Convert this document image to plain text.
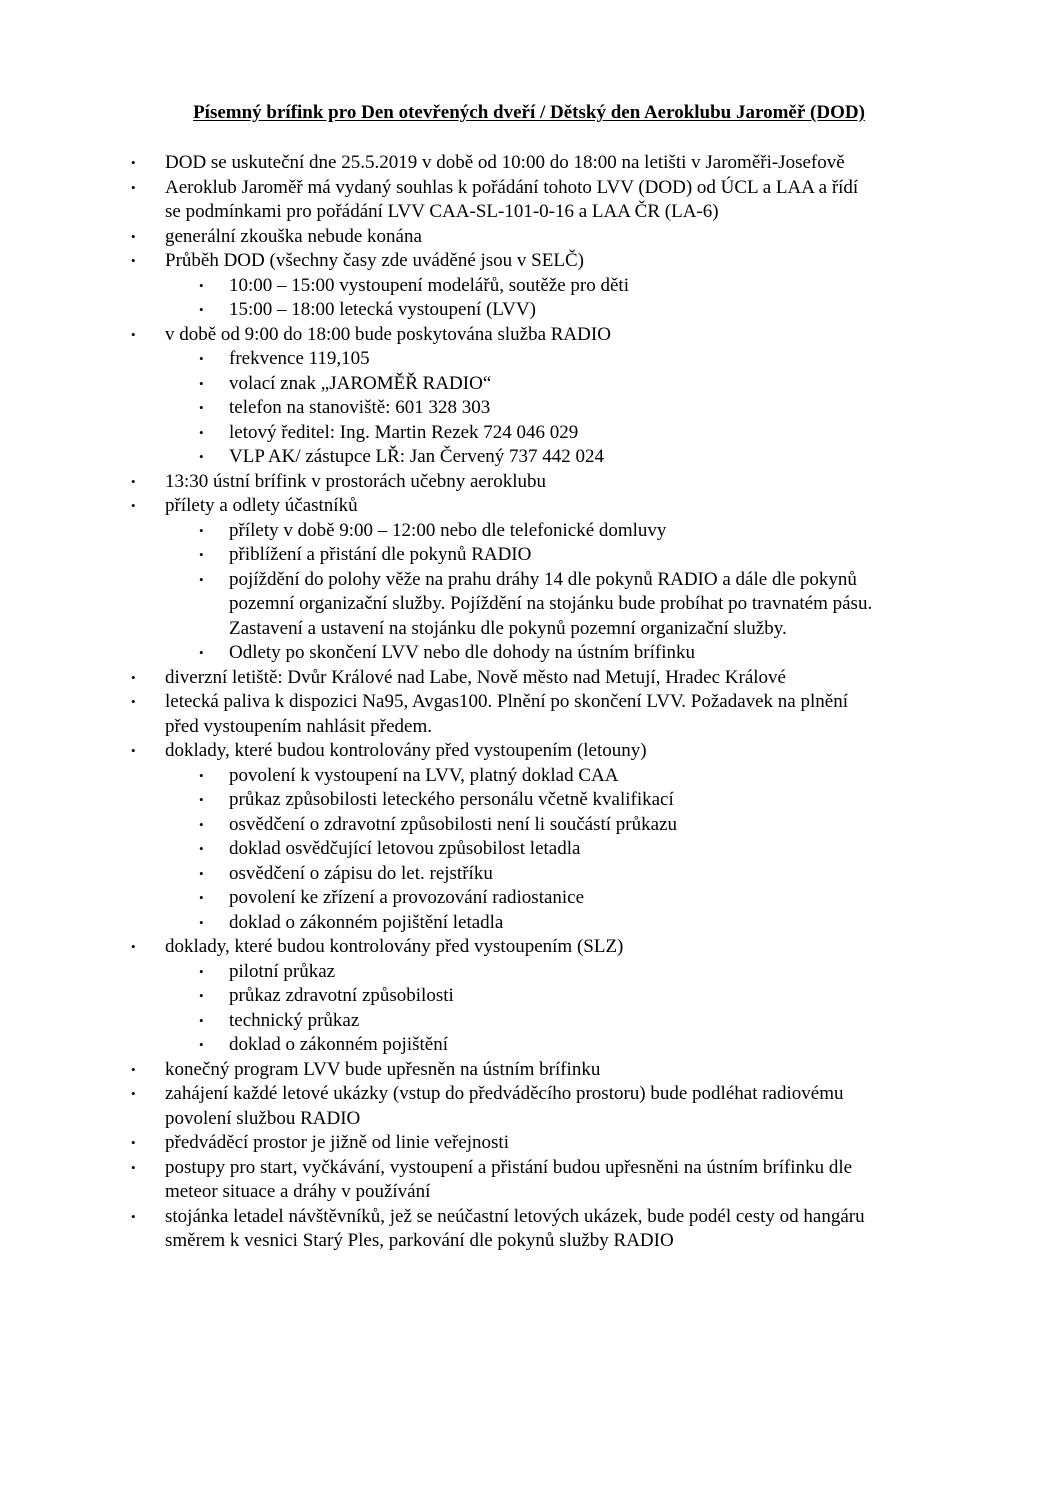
Písemný brífink pro Den otevřených dveří / Dětský den Aeroklubu Jaroměř (DOD)
• DOD se uskuteční dne 25.5.2019 v době od 10:00 do 18:00 na letišti v Jaroměři-Josefově
• Aeroklub Jaroměř má vydaný souhlas k pořádání tohoto LVV (DOD) od ÚCL a LAA a řídí
se podmínkami pro pořádání LVV CAA-SL-101-0-16 a LAA ČR (LA-6)
• generální zkouška nebude konána
• Průběh DOD (všechny časy zde uváděné jsou v SELČ)
• 10:00 – 15:00 vystoupení modelářů, soutěže pro děti
• 15:00 – 18:00 letecká vystoupení (LVV)
• v době od 9:00 do 18:00 bude poskytována služba RADIO
• frekvence 119,105
• volací znak „JAROMĚŘ RADIO“
• telefon na stanoviště: 601 328 303
• letový ředitel: Ing. Martin Rezek 724 046 029
• VLP AK/ zástupce LŘ: Jan Červený 737 442 024
• 13:30 ústní brífink v prostorách učebny aeroklubu
• přílety a odlety účastníků
• přílety v době 9:00 – 12:00 nebo dle telefonické domluvy
• přiblížení a přistání dle pokynů RADIO
• pojíždění do polohy věže na prahu dráhy 14 dle pokynů RADIO a dále dle pokynů
pozemní organizační služby. Pojíždění na stojánku bude probíhat po travnatém pásu.
Zastavení a ustavení na stojánku dle pokynů pozemní organizační služby.
• Odlety po skončení LVV nebo dle dohody na ústním brífinku
• diverzní letiště: Dvůr Králové nad Labe, Nově město nad Metují, Hradec Králové
• letecká paliva k dispozici Na95, Avgas100. Plnění po skončení LVV. Požadavek na plnění
před vystoupením nahlásit předem.
• doklady, které budou kontrolovány před vystoupením (letouny)
• povolení k vystoupení na LVV, platný doklad CAA
• průkaz způsobilosti leteckého personálu včetně kvalifikací
• osvědčení o zdravotní způsobilosti není li součástí průkazu
• doklad osvědčující letovou způsobilost letadla
• osvědčení o zápisu do let. rejstříku
• povolení ke zřízení a provozování radiostanice
• doklad o zákonném pojištění letadla
• doklady, které budou kontrolovány před vystoupením (SLZ)
• pilotní průkaz
• průkaz zdravotní způsobilosti
• technický průkaz
• doklad o zákonném pojištění
• konečný program LVV bude upřesněn na ústním brífinku
• zahájení každé letové ukázky (vstup do předváděcího prostoru) bude podléhat radiovému
povolení službou RADIO
• předváděcí prostor je jižně od linie veřejnosti
• postupy pro start, vyčkávání, vystoupení a přistání budou upřesněni na ústním brífinku dle
meteor situace a dráhy v používání
• stojánka letadel návštěvníků, jež se neúčastní letových ukázek, bude podél cesty od hangáru
směrem k vesnici Starý Ples, parkování dle pokynů služby RADIO
